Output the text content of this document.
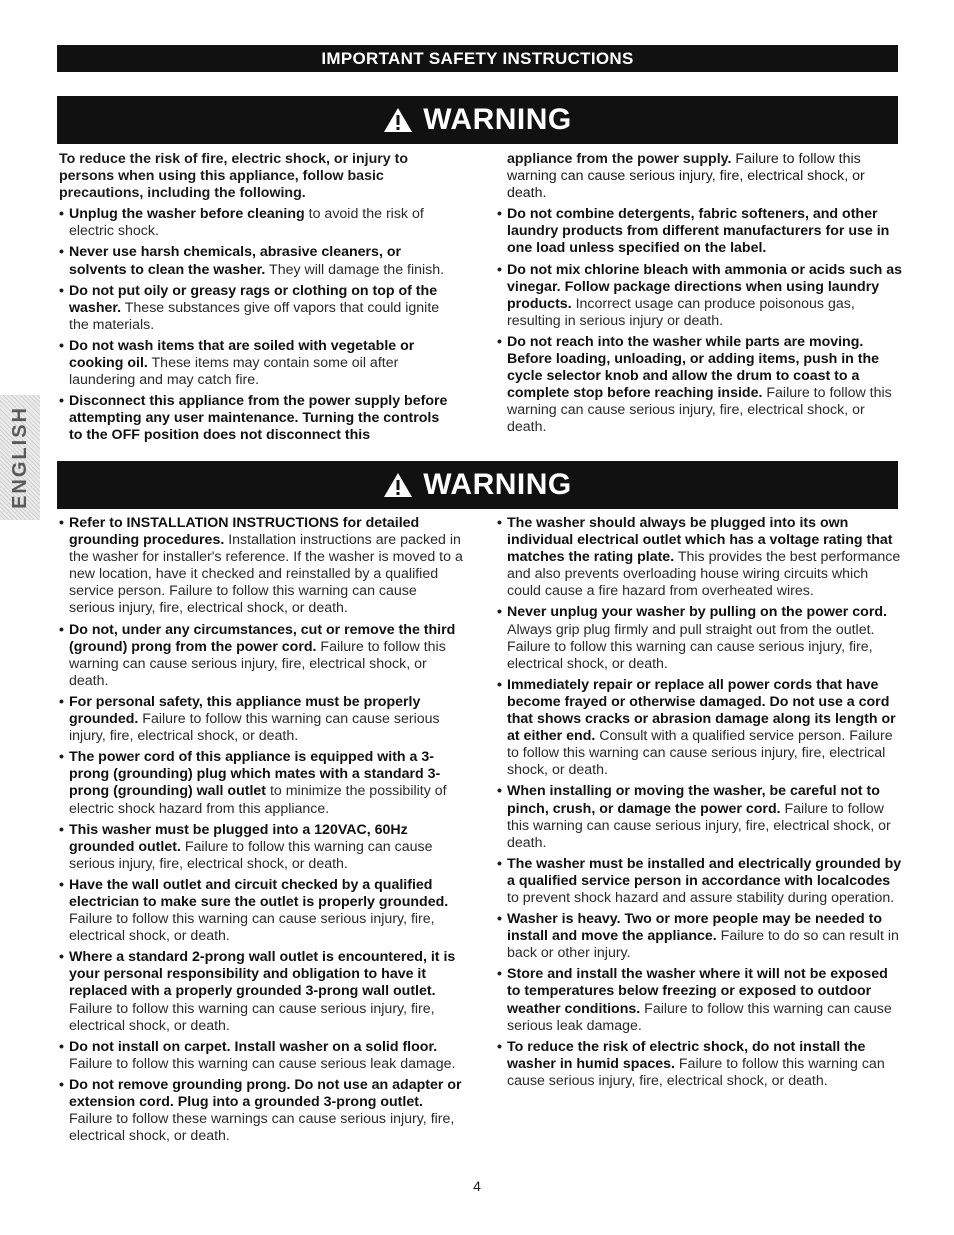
IMPORTANT SAFETY INSTRUCTIONS
WARNING
ENGLISH

To reduce the risk of fire, electric shock, or injury to persons when using this appliance, follow basic precautions, including the following.

• Unplug the washer before cleaning to avoid the risk of electric shock.
• Never use harsh chemicals, abrasive cleaners, or solvents to clean the washer. They will damage the finish.
• Do not put oily or greasy rags or clothing on top of the washer. These substances give off vapors that could ignite the materials.
• Do not wash items that are soiled with vegetable or cooking oil. These items may contain some oil after laundering and may catch fire.
• Disconnect this appliance from the power supply before attempting any user maintenance. Turning the controls to the OFF position does not disconnect this

appliance from the power supply. Failure to follow this warning can cause serious injury, fire, electrical shock, or death.

• Do not combine detergents, fabric softeners, and other laundry products from different manufacturers for use in one load unless specified on the label.
• Do not mix chlorine bleach with ammonia or acids such as vinegar. Follow package directions when using laundry products. Incorrect usage can produce poisonous gas, resulting in serious injury or death.
• Do not reach into the washer while parts are moving. Before loading, unloading, or adding items, push in the cycle selector knob and allow the drum to coast to a complete stop before reaching inside. Failure to follow this warning can cause serious injury, fire, electrical shock, or death.
WARNING
• Refer to INSTALLATION INSTRUCTIONS for detailed grounding procedures. Installation instructions are packed in the washer for installer's reference. If the washer is moved to a new location, have it checked and reinstalled by a qualified service person. Failure to follow this warning can cause serious injury, fire, electrical shock, or death.
• Do not, under any circumstances, cut or remove the third (ground) prong from the power cord. Failure to follow this warning can cause serious injury, fire, electrical shock, or death.
• For personal safety, this appliance must be properly grounded. Failure to follow this warning can cause serious injury, fire, electrical shock, or death.
• The power cord of this appliance is equipped with a 3-prong (grounding) plug which mates with a standard 3-prong (grounding) wall outlet to minimize the possibility of electric shock hazard from this appliance.
• This washer must be plugged into a 120VAC, 60Hz grounded outlet. Failure to follow this warning can cause serious injury, fire, electrical shock, or death.
• Have the wall outlet and circuit checked by a qualified electrician to make sure the outlet is properly grounded. Failure to follow this warning can cause serious injury, fire, electrical shock, or death.
• Where a standard 2-prong wall outlet is encountered, it is your personal responsibility and obligation to have it replaced with a properly grounded 3-prong wall outlet. Failure to follow this warning can cause serious injury, fire, electrical shock, or death.
• Do not install on carpet. Install washer on a solid floor. Failure to follow this warning can cause serious leak damage.
• Do not remove grounding prong. Do not use an adapter or extension cord. Plug into a grounded 3-prong outlet. Failure to follow these warnings can cause serious injury, fire, electrical shock, or death.
• The washer should always be plugged into its own individual electrical outlet which has a voltage rating that matches the rating plate. This provides the best performance and also prevents overloading house wiring circuits which could cause a fire hazard from overheated wires.
• Never unplug your washer by pulling on the power cord. Always grip plug firmly and pull straight out from the outlet. Failure to follow this warning can cause serious injury, fire, electrical shock, or death.
• Immediately repair or replace all power cords that have become frayed or otherwise damaged. Do not use a cord that shows cracks or abrasion damage along its length or at either end. Consult with a qualified service person. Failure to follow this warning can cause serious injury, fire, electrical shock, or death.
• When installing or moving the washer, be careful not to pinch, crush, or damage the power cord. Failure to follow this warning can cause serious injury, fire, electrical shock, or death.
• The washer must be installed and electrically grounded by a qualified service person in accordance with localcodes to prevent shock hazard and assure stability during operation.
• Washer is heavy. Two or more people may be needed to install and move the appliance. Failure to do so can result in back or other injury.
• Store and install the washer where it will not be exposed to temperatures below freezing or exposed to outdoor weather conditions. Failure to follow this warning can cause serious leak damage.
• To reduce the risk of electric shock, do not install the washer in humid spaces. Failure to follow this warning can cause serious injury, fire, electrical shock, or death.
4
